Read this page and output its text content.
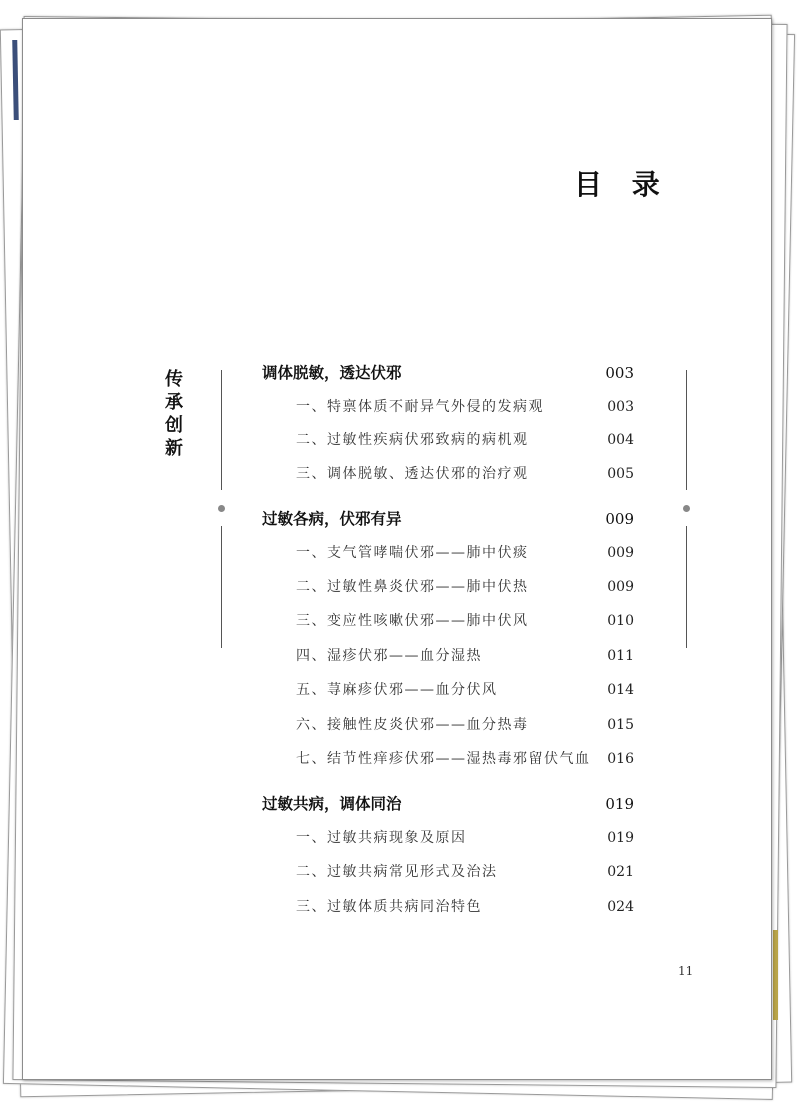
目 录
传
承
创
新
调体脱敏，透达伏邪	003
一、特禀体质不耐异气外侵的发病观	003
二、过敏性疾病伏邪致病的病机观	004
三、调体脱敏、透达伏邪的治疗观	005
过敏各病，伏邪有异	009
一、支气管哮喘伏邪——肺中伏痰	009
二、过敏性鼻炎伏邪——肺中伏热	009
三、变应性咳嗽伏邪——肺中伏风	010
四、湿疹伏邪——血分湿热	011
五、荨麻疹伏邪——血分伏风	014
六、接触性皮炎伏邪——血分热毒	015
七、结节性痒疹伏邪——湿热毒邪留伏气血 016
过敏共病，调体同治	019
一、过敏共病现象及原因	019
二、过敏共病常见形式及治法	021
三、过敏体质共病同治特色	024
11
